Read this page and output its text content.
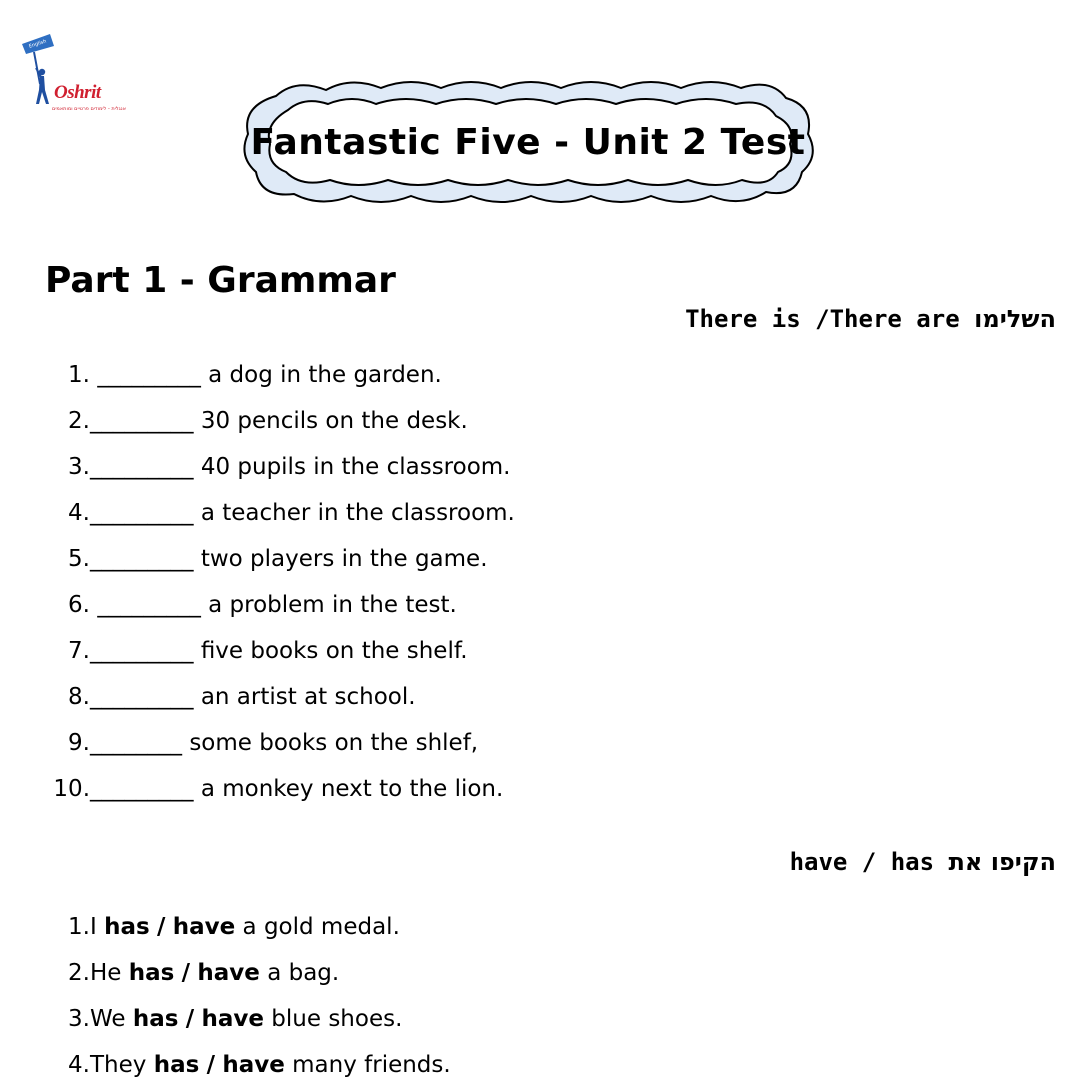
English
Oshrit
אנגלית - לימודים פרטיים ומותאמים
Fantastic Five - Unit 2 Test
Part 1 - Grammar
There is /There are השלימו
1. _________ a dog in the garden.
2._________ 30 pencils on the desk.
3._________ 40 pupils in the classroom.
4._________ a teacher in the classroom.
5._________ two players in the game.
6. _________ a problem in the test.
7._________ five books on the shelf.
8._________ an artist at school.
9.________ some books on the shlef,
10._________ a monkey next to the lion.
have / has הקיפו את
1.I has / have a gold medal.
2.He has / have a bag.
3.We has / have blue shoes.
4.They has / have many friends.
